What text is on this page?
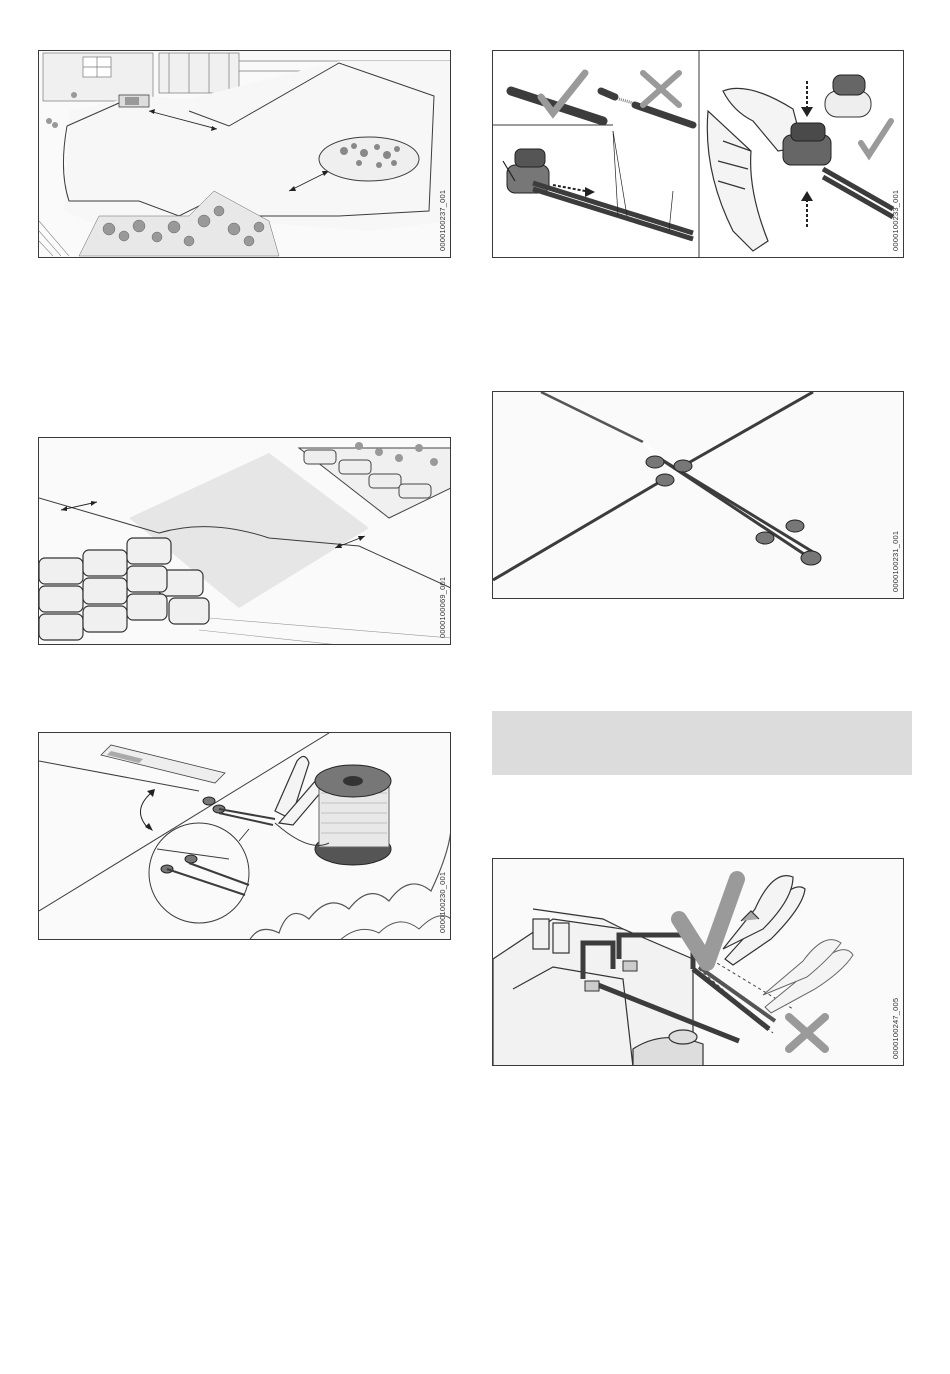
0000100237_001	0000100233_001
0000100069_001
0000100231_001
0000100230_001
0000100247_005
